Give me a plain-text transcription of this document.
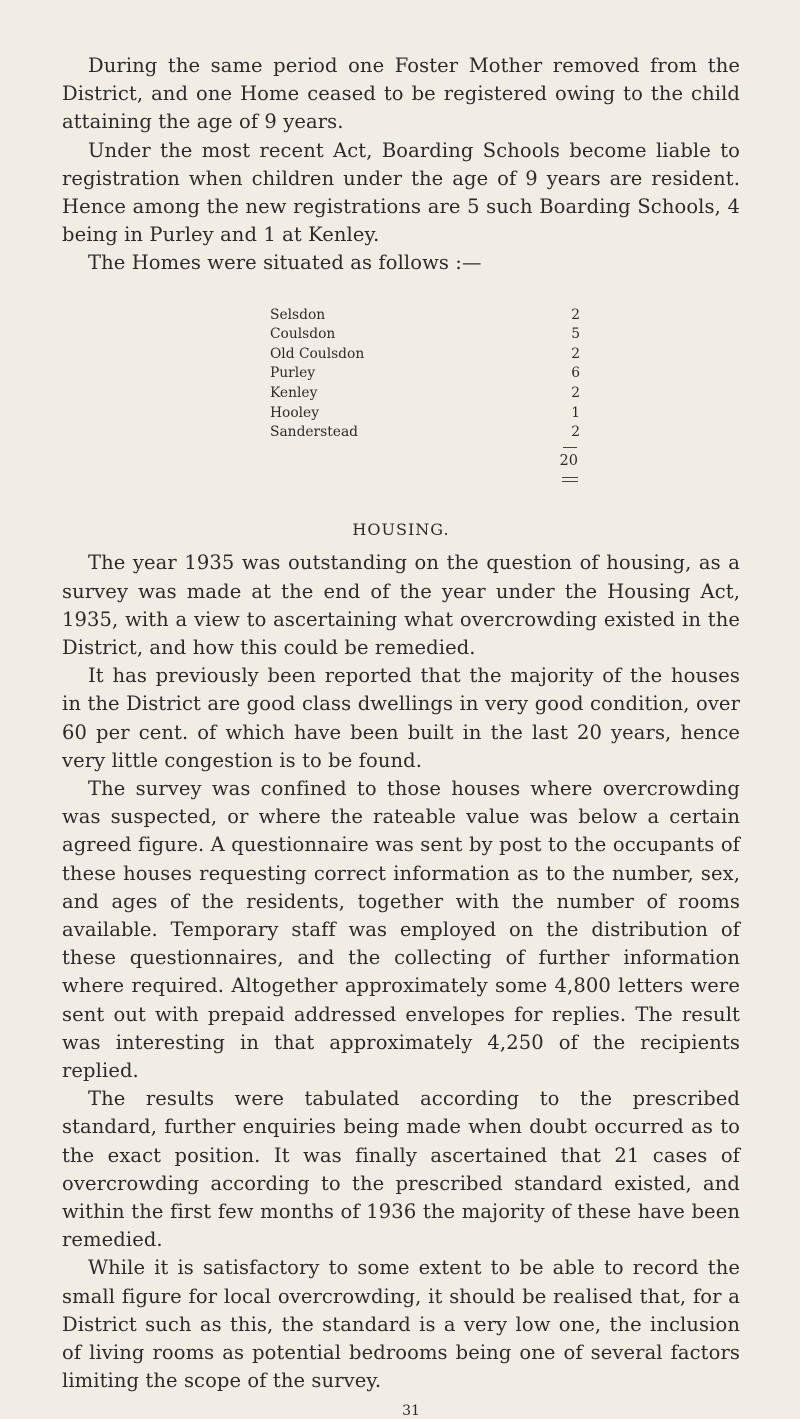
During the same period one Foster Mother removed from the District, and one Home ceased to be registered owing to the child attaining the age of 9 years.

Under the most recent Act, Boarding Schools become liable to registration when children under the age of 9 years are resident. Hence among the new registrations are 5 such Boarding Schools, 4 being in Purley and 1 at Kenley.

The Homes were situated as follows :—

Selsdon	2
Coulsdon	5
Old Coulsdon	2
Purley	6
Kenley	2
Hooley	1
Sanderstead	2
20
HOUSING.

The year 1935 was outstanding on the question of housing, as a survey was made at the end of the year under the Housing Act, 1935, with a view to ascertaining what overcrowding existed in the District, and how this could be remedied.

It has previously been reported that the majority of the houses in the District are good class dwellings in very good condition, over 60 per cent. of which have been built in the last 20 years, hence very little congestion is to be found.

The survey was confined to those houses where overcrowding was suspected, or where the rateable value was below a certain agreed figure. A questionnaire was sent by post to the occupants of these houses requesting correct information as to the number, sex, and ages of the residents, together with the number of rooms available. Temporary staff was employed on the distribution of these questionnaires, and the collecting of further information where required. Altogether approximately some 4,800 letters were sent out with prepaid addressed envelopes for replies. The result was interesting in that approximately 4,250 of the recipients replied.

The results were tabulated according to the prescribed standard, further enquiries being made when doubt occurred as to the exact position. It was finally ascertained that 21 cases of overcrowding according to the prescribed standard existed, and within the first few months of 1936 the majority of these have been remedied.

While it is satisfactory to some extent to be able to record the small figure for local overcrowding, it should be realised that, for a District such as this, the standard is a very low one, the inclusion of living rooms as potential bedrooms being one of several factors limiting the scope of the survey.

31
